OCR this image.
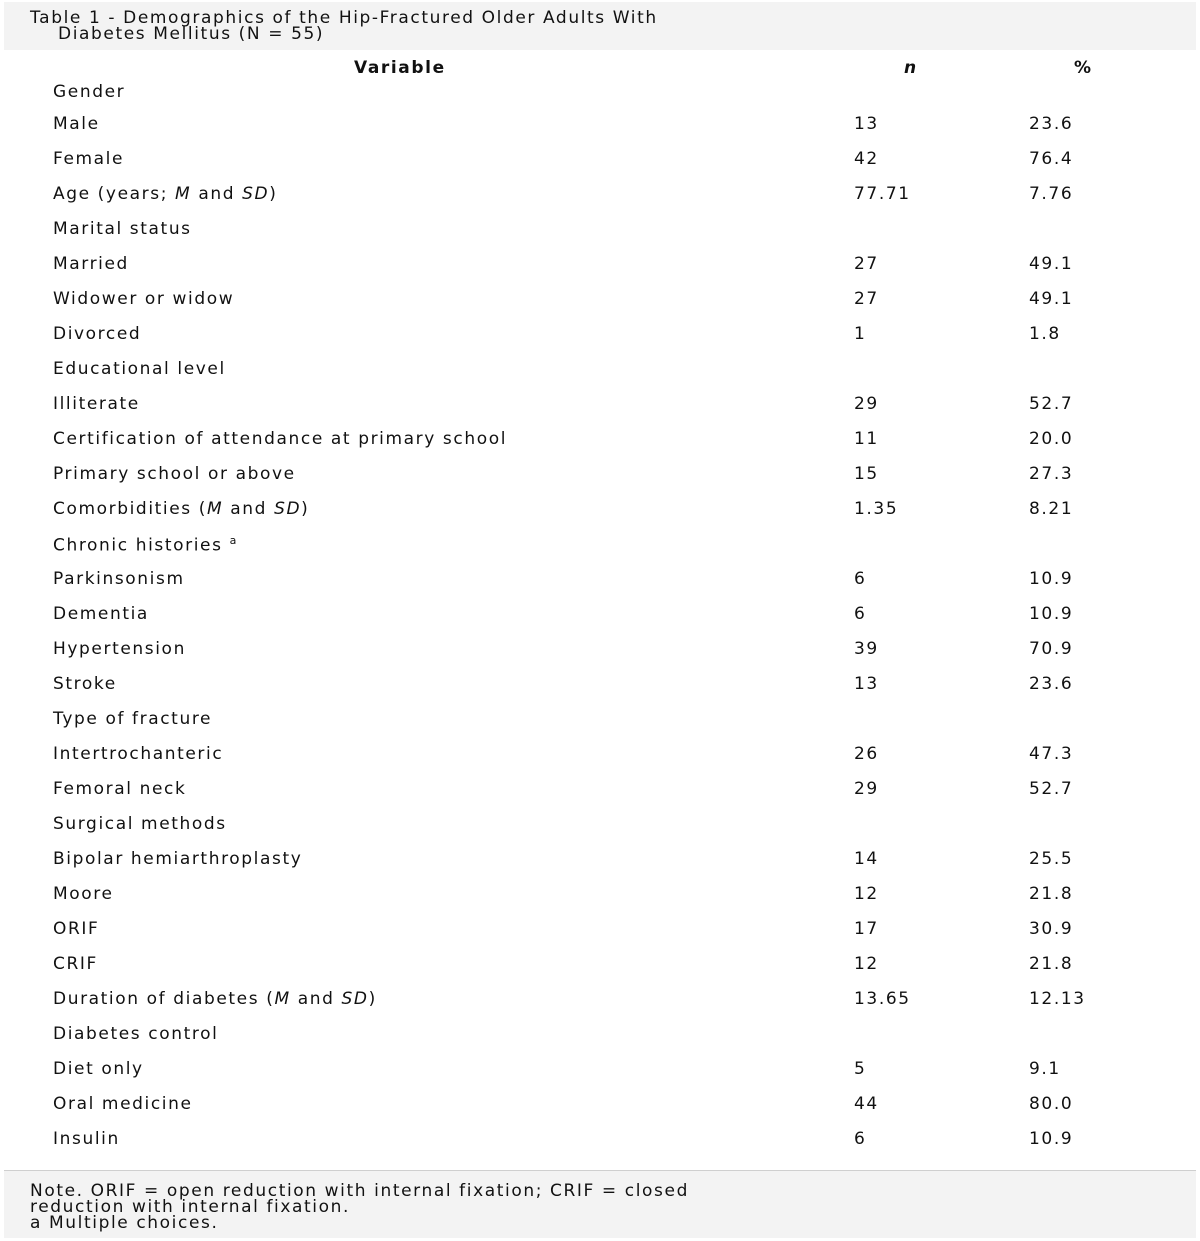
Table 1 - Demographics of the Hip-Fractured Older Adults With
Diabetes Mellitus (N = 55)
Variable	n	%
Gender
Male	13	23.6
Female	42	76.4
Age (years; M and SD)	77.71	7.76
Marital status
Married	27	49.1
Widower or widow	27	49.1
Divorced	1	1.8
Educational level
Illiterate	29	52.7
Certification of attendance at primary school	11	20.0
Primary school or above	15	27.3
Comorbidities (M and SD)	1.35	8.21
Chronic histories $^a$
Parkinsonism	6	10.9
Dementia	6	10.9
Hypertension	39	70.9
Stroke	13	23.6
Type of fracture
Intertrochanteric	26	47.3
Femoral neck	29	52.7
Surgical methods
Bipolar hemiarthroplasty	14	25.5
Moore	12	21.8
ORIF	17	30.9
CRIF	12	21.8
Duration of diabetes (M and SD)	13.65	12.13
Diabetes control
Diet only	5	9.1
Oral medicine	44	80.0
Insulin	6	10.9
Note. ORIF = open reduction with internal fixation; CRIF = closed
reduction with internal fixation.
a Multiple choices.
